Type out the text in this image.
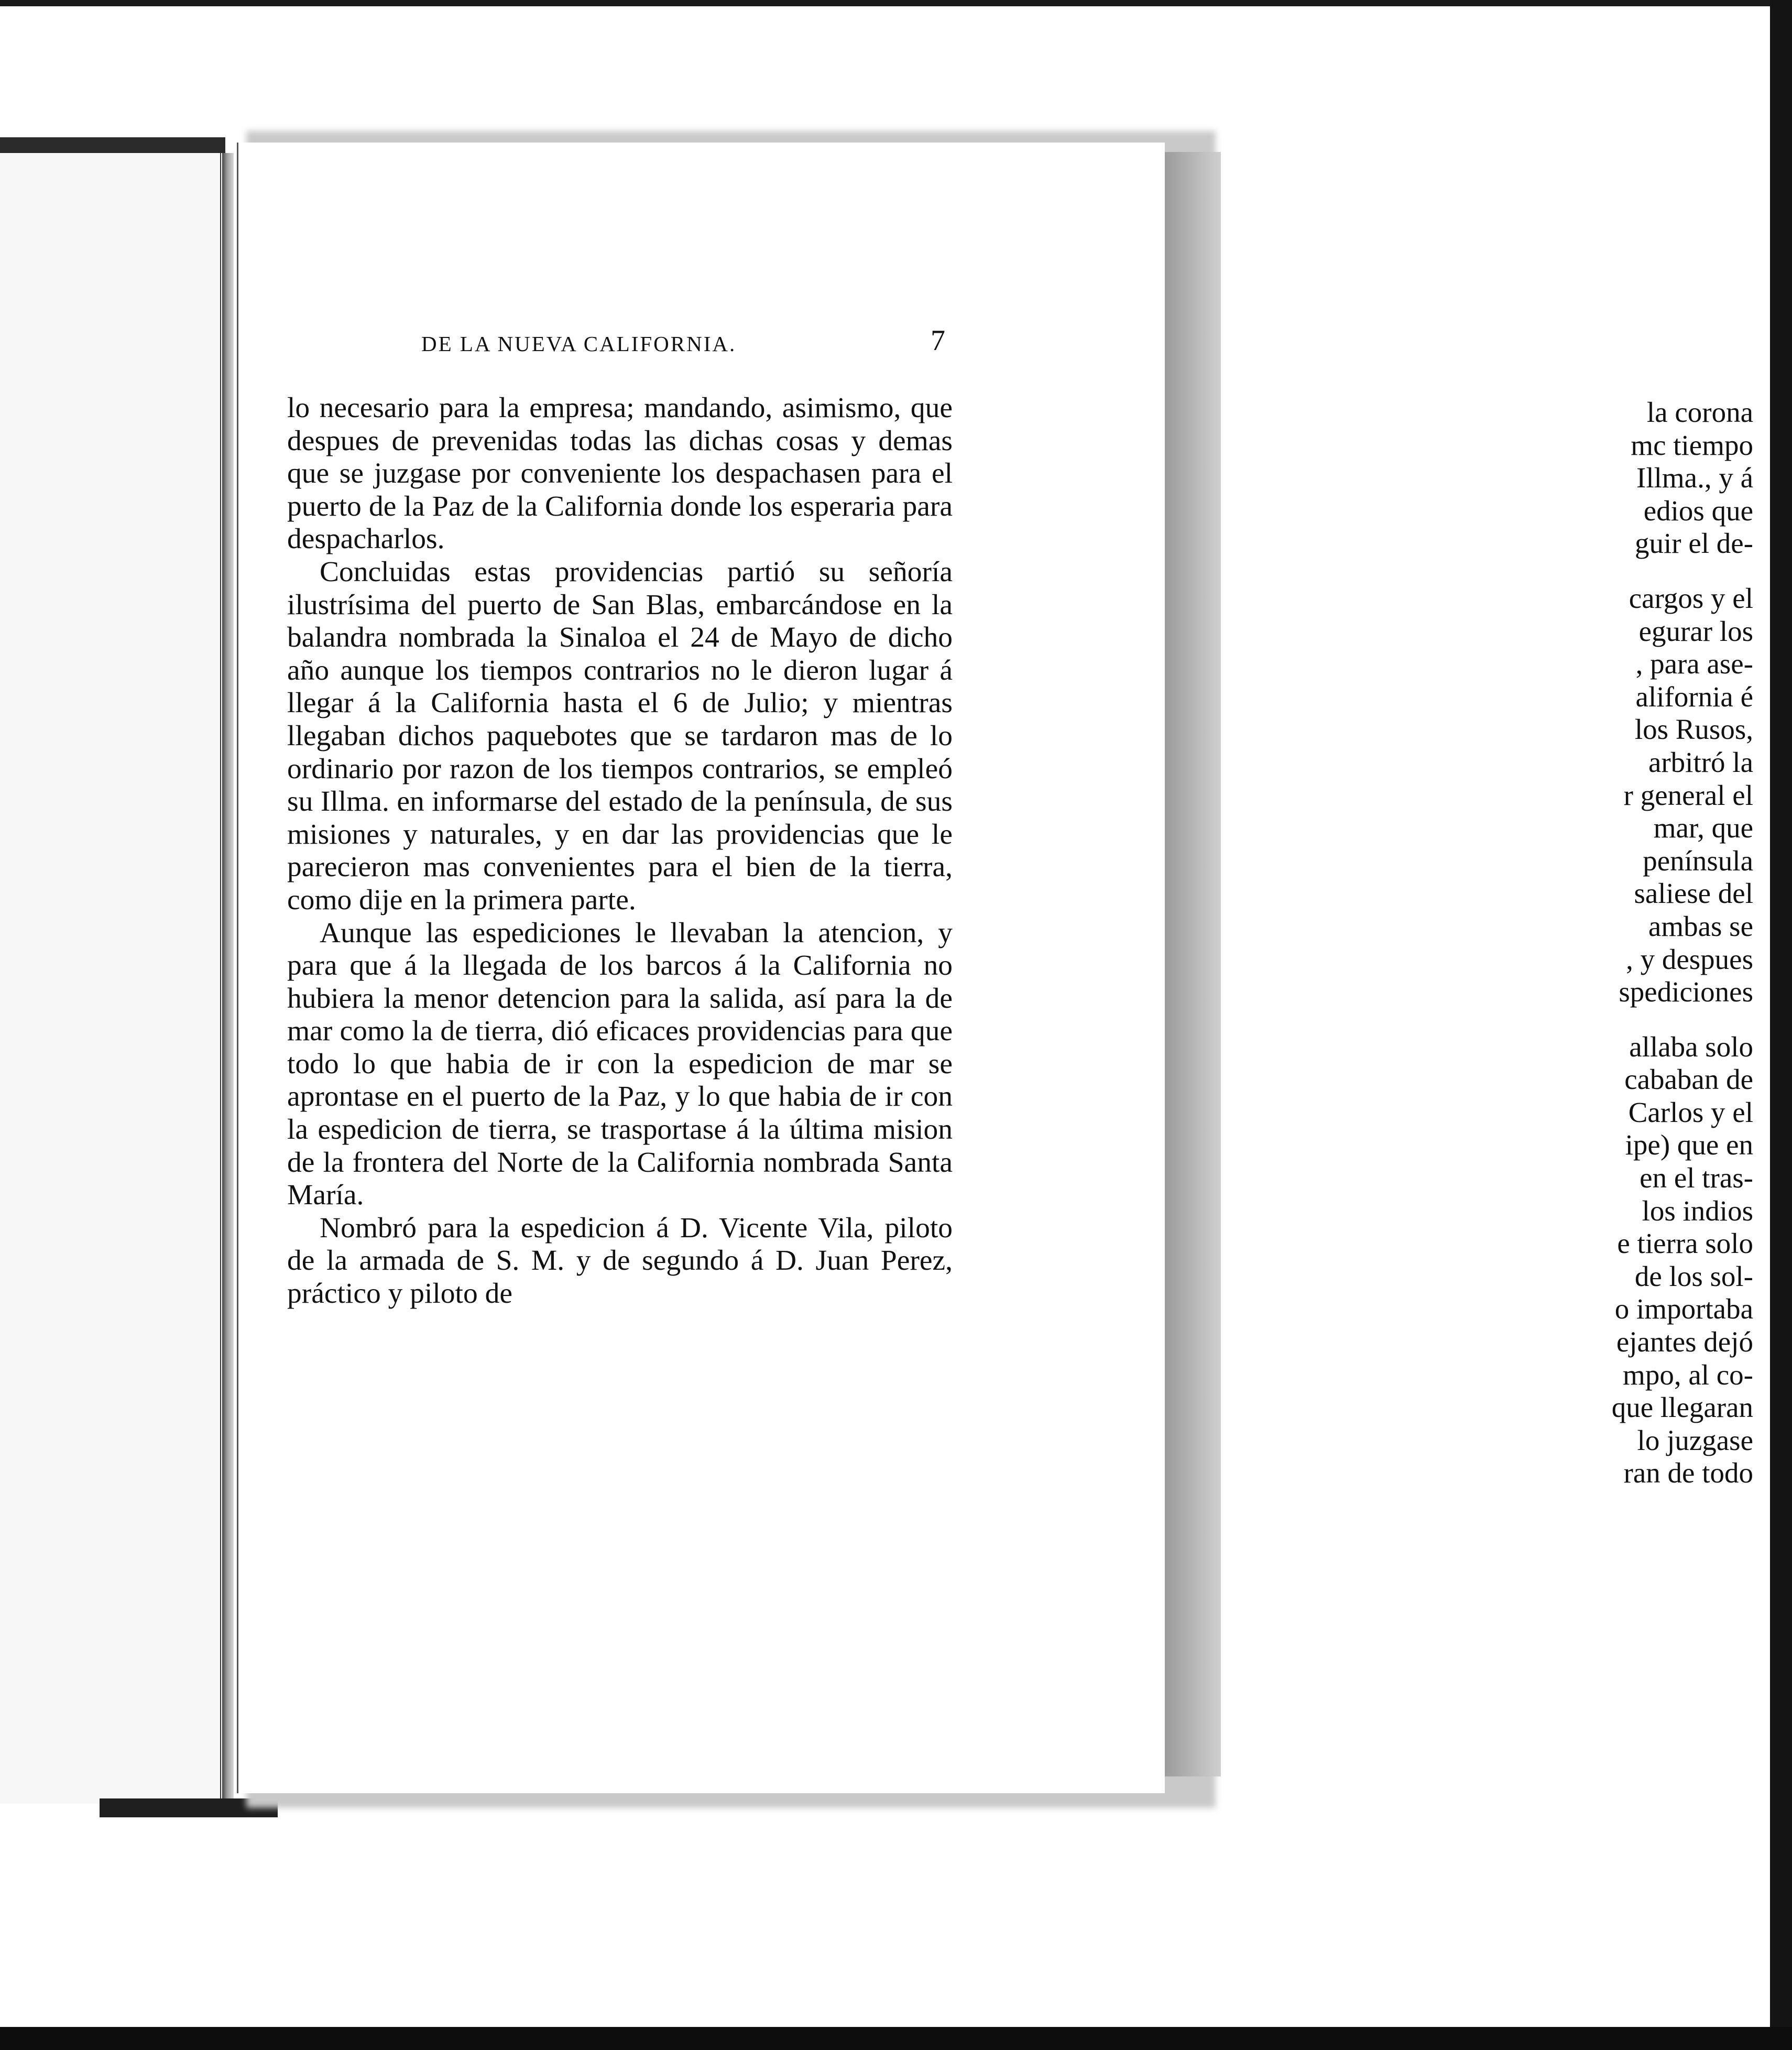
la corona
mc tiempo
Illma., y á
edios que
guir el de-
cargos y el
egurar los
, para ase-
alifornia é
los Rusos,
arbitró la
r general el
mar, que
península
saliese del
ambas se
, y despues
spediciones
allaba solo
cababan de
Carlos y el
ipe) que en
en el tras-
los indios
e tierra solo
de los sol-
o importaba
ejantes dejó
mpo, al co-
que llegaran
lo juzgase
ran de todo
DE LA NUEVA CALIFORNIA.	7

lo necesario para la empresa; mandando, asimismo, que despues de prevenidas todas las dichas cosas y demas que se juzgase por conveniente los despachasen para el puerto de la Paz de la California donde los esperaria para despacharlos.

Concluidas estas providencias partió su señoría ilustrísima del puerto de San Blas, embarcándose en la balandra nombrada la Sinaloa el 24 de Mayo de dicho año aunque los tiempos contrarios no le dieron lugar á llegar á la California hasta el 6 de Julio; y mientras llegaban dichos paquebotes que se tardaron mas de lo ordinario por razon de los tiempos contrarios, se empleó su Illma. en informarse del estado de la península, de sus misiones y naturales, y en dar las providencias que le parecieron mas convenientes para el bien de la tierra, como dije en la primera parte.

Aunque las espediciones le llevaban la atencion, y para que á la llegada de los barcos á la California no hubiera la menor detencion para la salida, así para la de mar como la de tierra, dió eficaces providencias para que todo lo que habia de ir con la espedicion de mar se aprontase en el puerto de la Paz, y lo que habia de ir con la espedicion de tierra, se trasportase á la última mision de la frontera del Norte de la California nombrada Santa María.

Nombró para la espedicion á D. Vicente Vila, piloto de la armada de S. M. y de segundo á D. Juan Perez, práctico y piloto de
